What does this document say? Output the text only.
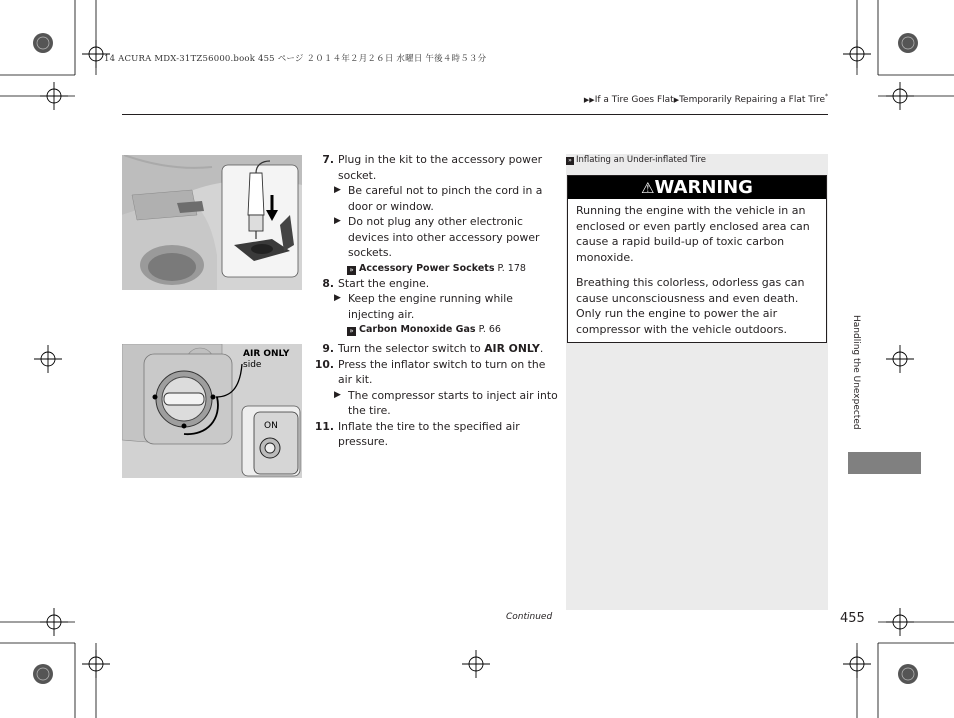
14 ACURA MDX-31TZ56000.book 455 ページ ２０１４年２月２６日 水曜日 午後４時５３分
▶▶If a Tire Goes Flat▶Temporarily Repairing a Flat Tire*
7. Plug in the kit to the accessory power socket.
▶ Be careful not to pinch the cord in a door or window.
▶ Do not plug any other electronic devices into other accessory power sockets.
» Accessory Power Sockets P. 178
8. Start the engine.
▶ Keep the engine running while injecting air.
» Carbon Monoxide Gas P. 66
9. Turn the selector switch to AIR ONLY.
10. Press the inflator switch to turn on the air kit.
▶ The compressor starts to inject air into the tire.
11. Inflate the tire to the specified air pressure.
AIR ONLY
side
ON
» Inflating an Under-inflated Tire
⚠WARNING

Running the engine with the vehicle in an enclosed or even partly enclosed area can cause a rapid build-up of toxic carbon monoxide.

Breathing this colorless, odorless gas can cause unconsciousness and even death. Only run the engine to power the air compressor with the vehicle outdoors.	Handling the Unexpected
Continued	455
